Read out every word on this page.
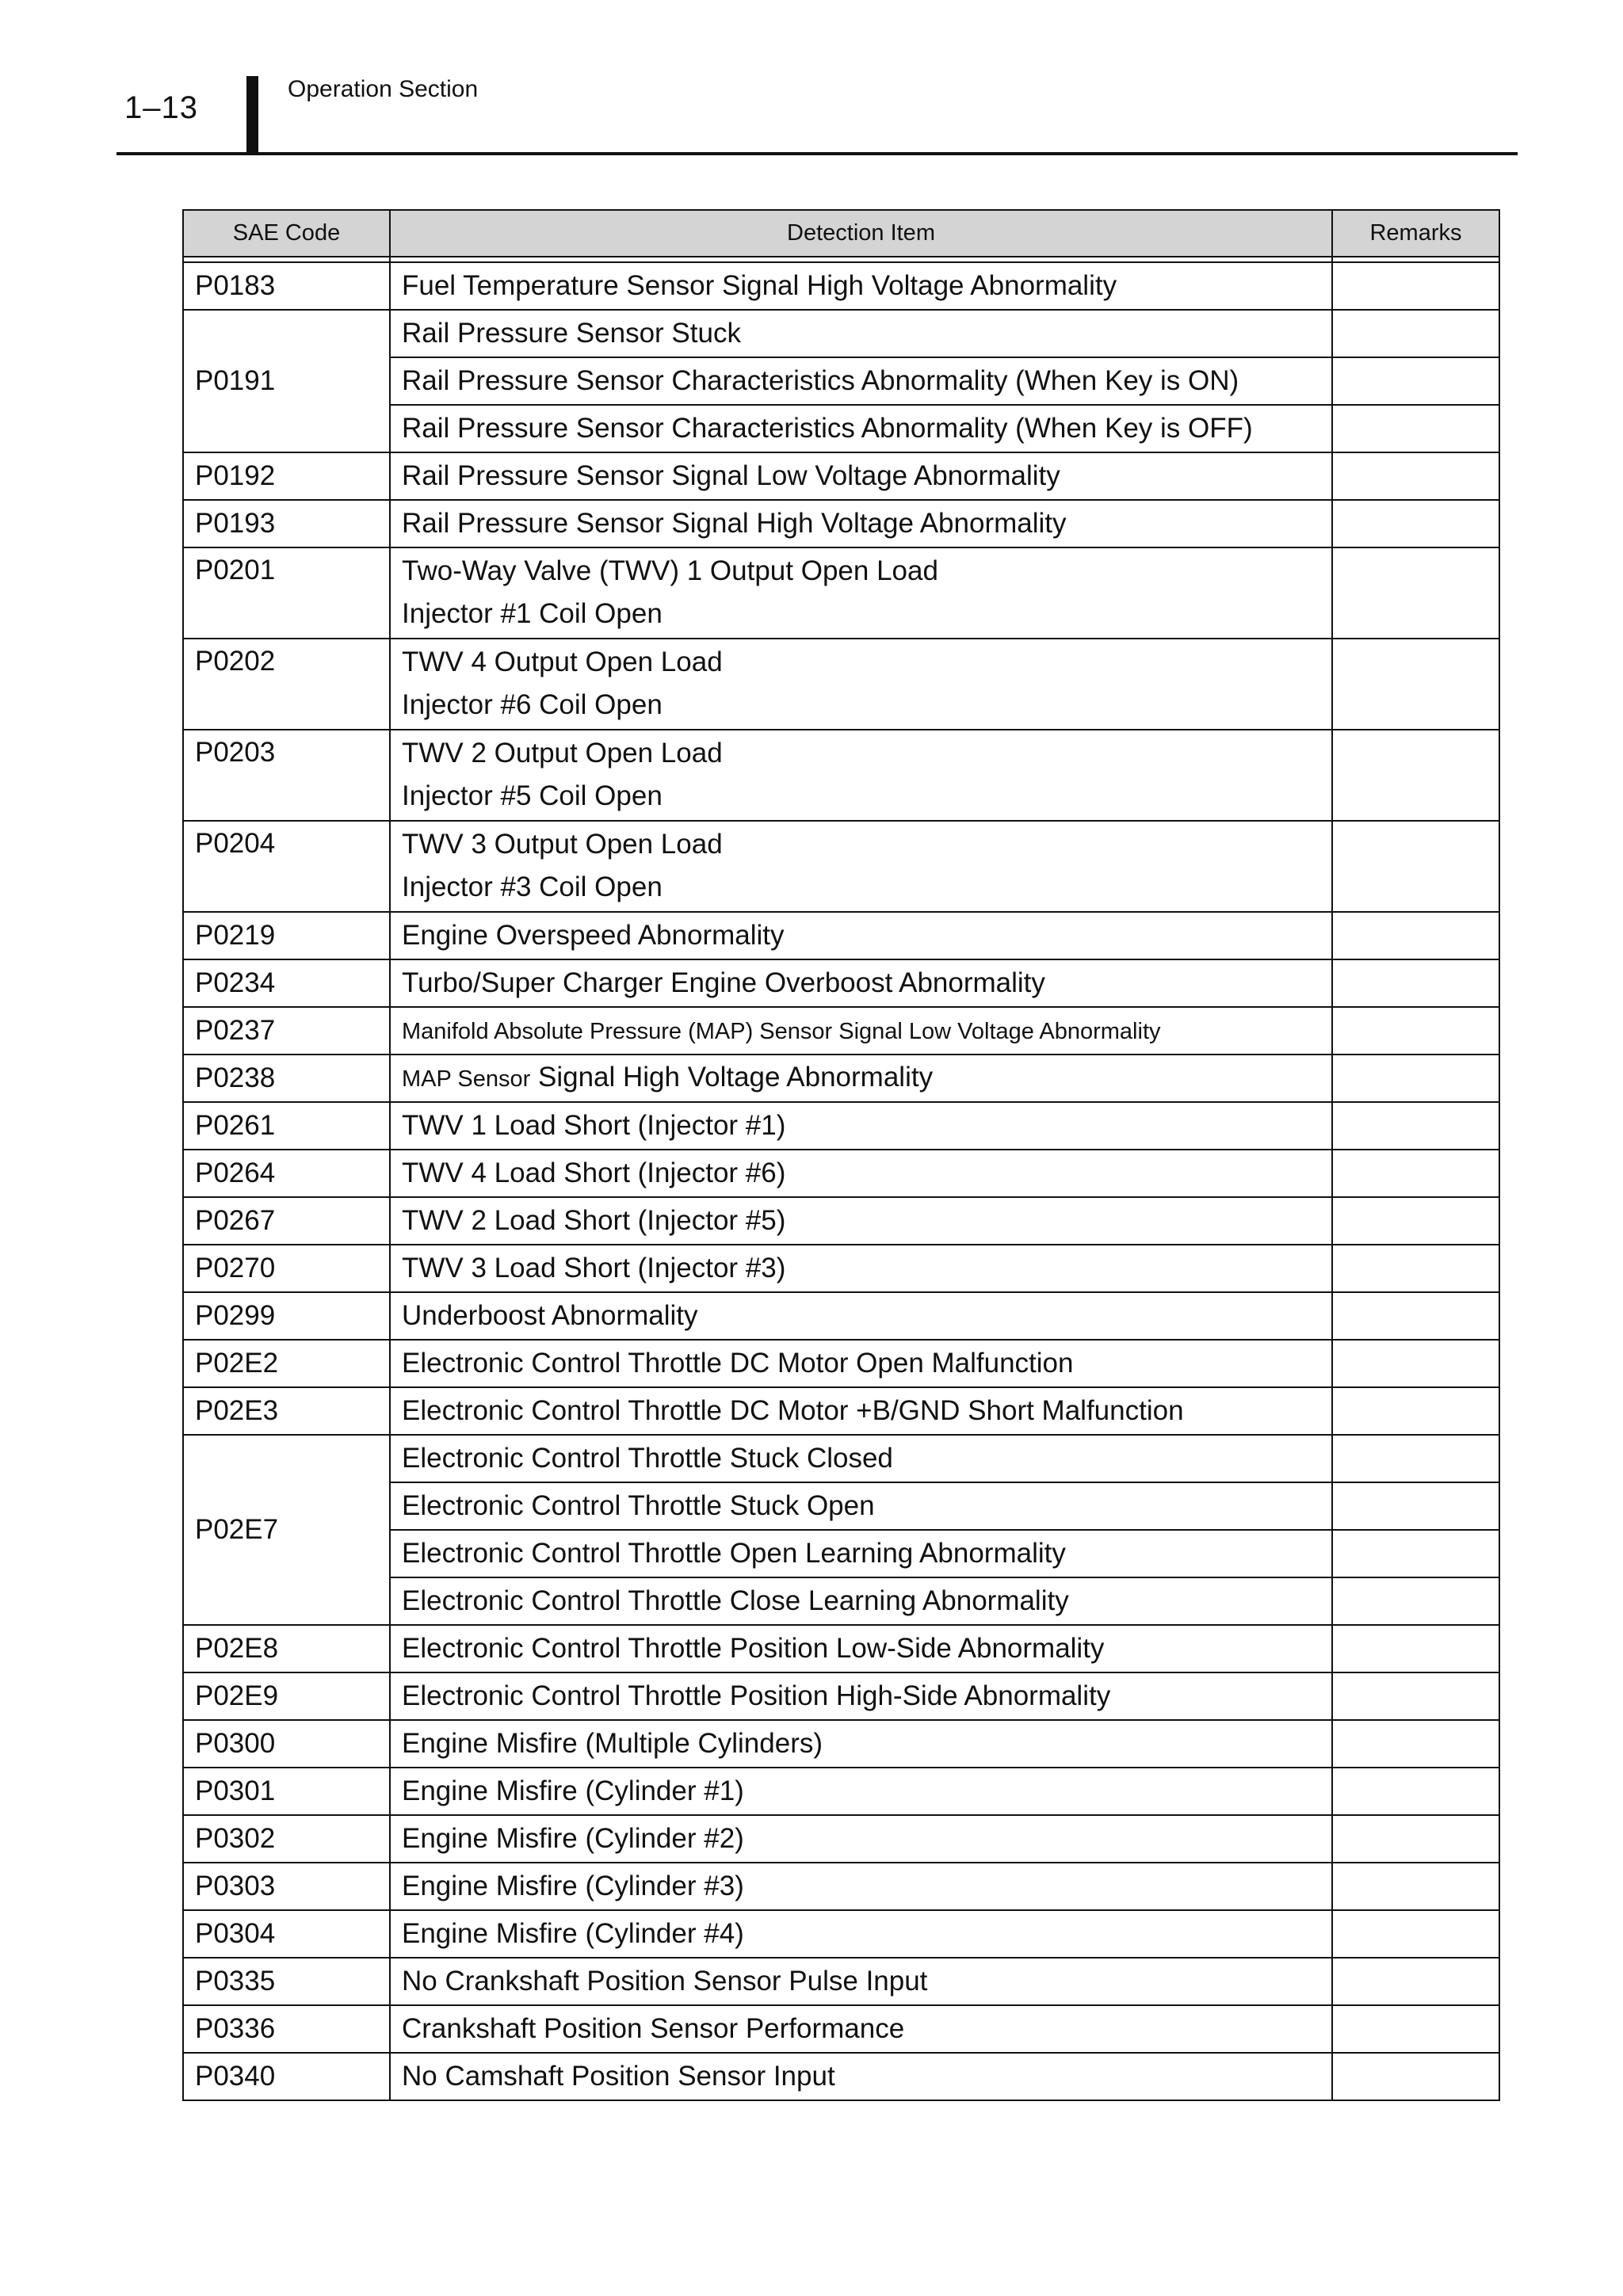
1–13
Operation Section
SAE Code	Detection Item	Remarks

P0183	Fuel Temperature Sensor Signal High Voltage Abnormality	
P0191	Rail Pressure Sensor Stuck	
	Rail Pressure Sensor Characteristics Abnormality (When Key is ON)	
	Rail Pressure Sensor Characteristics Abnormality (When Key is OFF)	
P0192	Rail Pressure Sensor Signal Low Voltage Abnormality	
P0193	Rail Pressure Sensor Signal High Voltage Abnormality	
P0201	Two-Way Valve (TWV) 1 Output Open Load
Injector #1 Coil Open	

P0202	TWV 4 Output Open Load
Injector #6 Coil Open	

P0203	TWV 2 Output Open Load
Injector #5 Coil Open	

P0204	TWV 3 Output Open Load
Injector #3 Coil Open	

P0219	Engine Overspeed Abnormality	
P0234	Turbo/Super Charger Engine Overboost Abnormality	
P0237	Manifold Absolute Pressure (MAP) Sensor Signal Low Voltage Abnormality	
P0238	MAP Sensor Signal High Voltage Abnormality	
P0261	TWV 1 Load Short (Injector #1)	
P0264	TWV 4 Load Short (Injector #6)	
P0267	TWV 2 Load Short (Injector #5)	
P0270	TWV 3 Load Short (Injector #3)	
P0299	Underboost Abnormality	
P02E2	Electronic Control Throttle DC Motor Open Malfunction	
P02E3	Electronic Control Throttle DC Motor +B/GND Short Malfunction	
P02E7	Electronic Control Throttle Stuck Closed	
	Electronic Control Throttle Stuck Open	
	Electronic Control Throttle Open Learning Abnormality	
	Electronic Control Throttle Close Learning Abnormality	
P02E8	Electronic Control Throttle Position Low-Side Abnormality	
P02E9	Electronic Control Throttle Position High-Side Abnormality	
P0300	Engine Misfire (Multiple Cylinders)	
P0301	Engine Misfire (Cylinder #1)	
P0302	Engine Misfire (Cylinder #2)	
P0303	Engine Misfire (Cylinder #3)	
P0304	Engine Misfire (Cylinder #4)	
P0335	No Crankshaft Position Sensor Pulse Input	
P0336	Crankshaft Position Sensor Performance	
P0340	No Camshaft Position Sensor Input	
